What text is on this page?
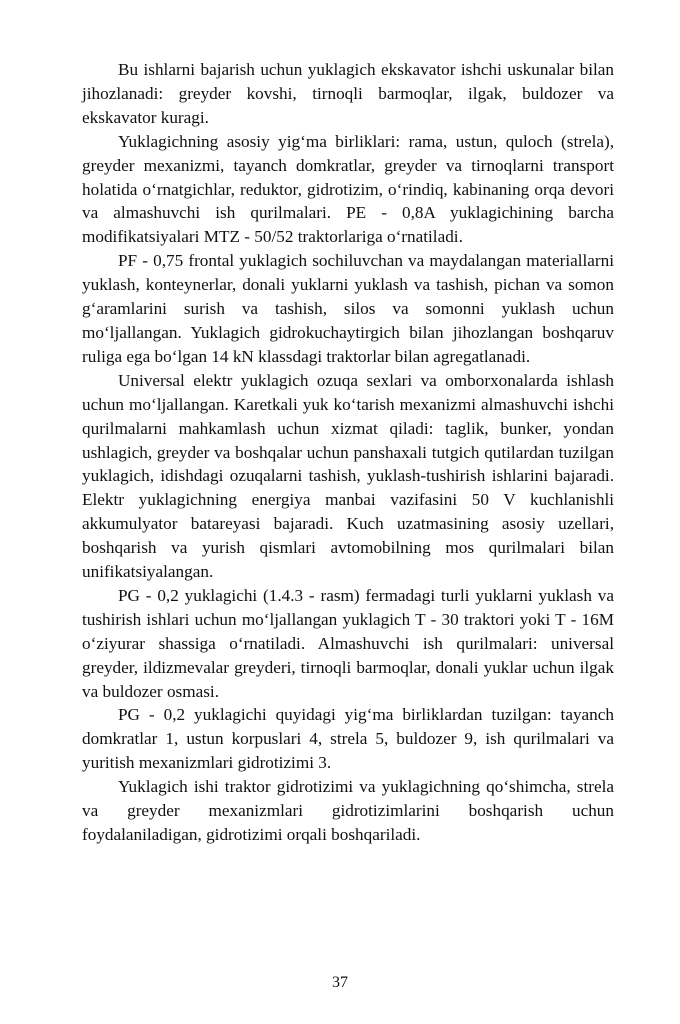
Bu ishlarni bajarish uchun yuklagich ekskavator ishchi uskunalar bilan jihozlanadi: greyder kovshi, tirnoqli barmoqlar, ilgak, buldozer va ekskavator kuragi.

Yuklagichning asosiy yig‘ma birliklari: rama, ustun, quloch (strela), greyder mexanizmi, tayanch domkratlar, greyder va tirnoqlarni transport holatida o‘rnatgichlar, reduktor, gidrotizim, o‘rindiq, kabinaning orqa devori va almashuvchi ish qurilmalari. PE - 0,8A yuklagichining barcha modifikatsiyalari MTZ - 50/52 traktorlariga o‘rnatiladi.

PF - 0,75 frontal yuklagich sochiluvchan va maydalangan materiallarni yuklash, konteynerlar, donali yuklarni yuklash va tashish, pichan va somon g‘aramlarini surish va tashish, silos va somonni yuklash uchun mo‘ljallangan. Yuklagich gidrokuchaytirgich bilan jihozlangan boshqaruv ruliga ega bo‘lgan 14 kN klassdagi traktorlar bilan agregatlanadi.

Universal elektr yuklagich ozuqa sexlari va omborxonalarda ishlash uchun mo‘ljallangan. Karetkali yuk ko‘tarish mexanizmi almashuvchi ishchi qurilmalarni mahkamlash uchun xizmat qiladi: taglik, bunker, yondan ushlagich, greyder va boshqalar uchun panshaxali tutgich qutilardan tuzilgan yuklagich, idishdagi ozuqalarni tashish, yuklash-tushirish ishlarini bajaradi. Elektr yuklagichning energiya manbai vazifasini 50 V kuchlanishli akkumulyator batareyasi bajaradi. Kuch uzatmasining asosiy uzellari, boshqarish va yurish qismlari avtomobilning mos qurilmalari bilan unifikatsiyalangan.

PG - 0,2 yuklagichi (1.4.3 - rasm) fermadagi turli yuklarni yuklash va tushirish ishlari uchun mo‘ljallangan yuklagich T - 30 traktori yoki T - 16M o‘ziyurar shassiga o‘rnatiladi. Almashuvchi ish qurilmalari: universal greyder, ildizmevalar greyderi, tirnoqli barmoqlar, donali yuklar uchun ilgak va buldozer osmasi.

PG - 0,2 yuklagichi quyidagi yig‘ma birliklardan tuzilgan: tayanch domkratlar 1, ustun korpuslari 4, strela 5, buldozer 9, ish qurilmalari va yuritish mexanizmlari gidrotizimi 3.

Yuklagich ishi traktor gidrotizimi va yuklagichning qo‘shimcha, strela va greyder mexanizmlari gidrotizimlarini boshqarish uchun foydalaniladigan, gidrotizimi orqali boshqariladi.

37
